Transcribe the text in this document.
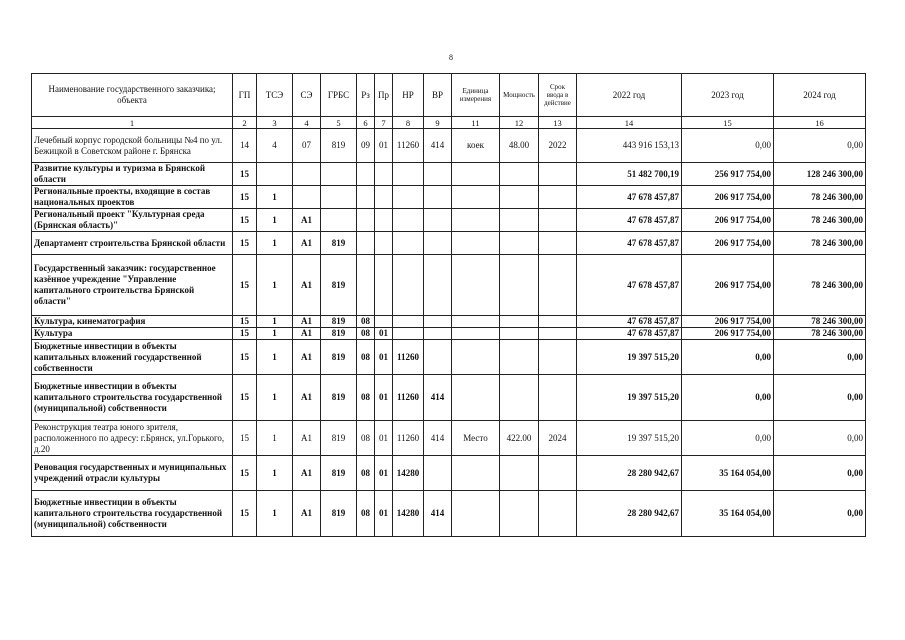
8
Наименование государственного заказчика; объекта	ГП	ТСЭ	СЭ	ГРБС	Рз	Пр	НР	ВР	Единица измерения	Мощность	Срок ввода в действие	2022 год	2023 год	2024 год
1	2	3	4	5	6	7	8	9	11	12	13	14	15	16
Лечебный корпус городской больницы №4 по ул. Бежицкой в Советском районе г. Брянска	14	4	07	819	09	01	11260	414	коек	48.00	2022	443 916 153,13	0,00	0,00
Развитие культуры и туризма в Брянской области	15											51 482 700,19	256 917 754,00	128 246 300,00
Региональные проекты, входящие в состав национальных проектов	15	1										47 678 457,87	206 917 754,00	78 246 300,00
Региональный проект "Культурная среда (Брянская область)"	15	1	A1									47 678 457,87	206 917 754,00	78 246 300,00
Департамент строительства Брянской области	15	1	A1	819								47 678 457,87	206 917 754,00	78 246 300,00
Государственный заказчик: государственное казённое учреждение "Управление капитального строительства Брянской области"	15	1	A1	819								47 678 457,87	206 917 754,00	78 246 300,00
Культура, кинематография	15	1	A1	819	08							47 678 457,87	206 917 754,00	78 246 300,00
Культура	15	1	A1	819	08	01						47 678 457,87	206 917 754,00	78 246 300,00
Бюджетные инвестиции в объекты капитальных вложений государственной собственности	15	1	A1	819	08	01	11260					19 397 515,20	0,00	0,00
Бюджетные инвестиции в объекты капитального строительства государственной (муниципальной) собственности	15	1	A1	819	08	01	11260	414				19 397 515,20	0,00	0,00
Реконструкция театра юного зрителя, расположенного по адресу: г.Брянск, ул.Горького, д.20	15	1	A1	819	08	01	11260	414	Место	422.00	2024	19 397 515,20	0,00	0,00
Реновация государственных и муниципальных учреждений отрасли культуры	15	1	A1	819	08	01	14280					28 280 942,67	35 164 054,00	0,00
Бюджетные инвестиции в объекты капитального строительства государственной (муниципальной) собственности	15	1	A1	819	08	01	14280	414				28 280 942,67	35 164 054,00	0,00
